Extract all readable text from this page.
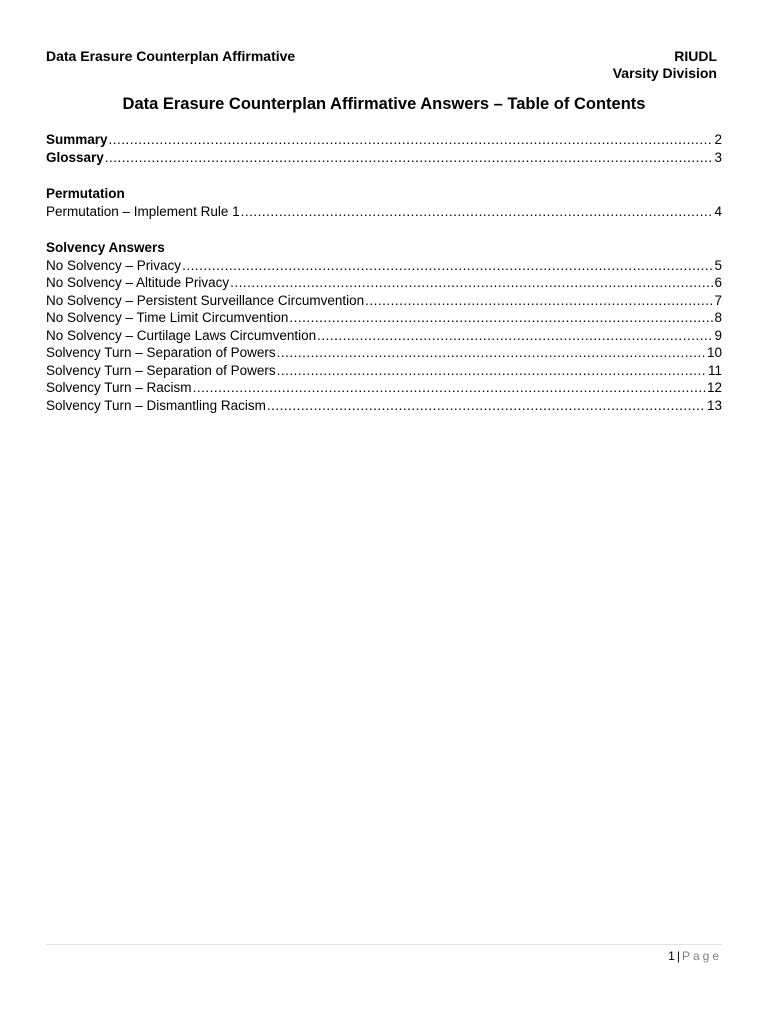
Data Erasure Counterplan Affirmative	RIUDL
Varsity Division
Data Erasure Counterplan Affirmative Answers – Table of Contents
Summary .....	2
Glossary .....	3
Permutation
Permutation – Implement Rule 1 .....	4
Solvency Answers
No Solvency – Privacy .....	5
No Solvency – Altitude Privacy .....	6
No Solvency – Persistent Surveillance Circumvention .....	7
No Solvency – Time Limit Circumvention .....	8
No Solvency – Curtilage Laws Circumvention .....	9
Solvency Turn – Separation of Powers .....	10
Solvency Turn – Separation of Powers .....	11
Solvency Turn – Racism .....	12
Solvency Turn – Dismantling Racism .....	13
1 | Page
